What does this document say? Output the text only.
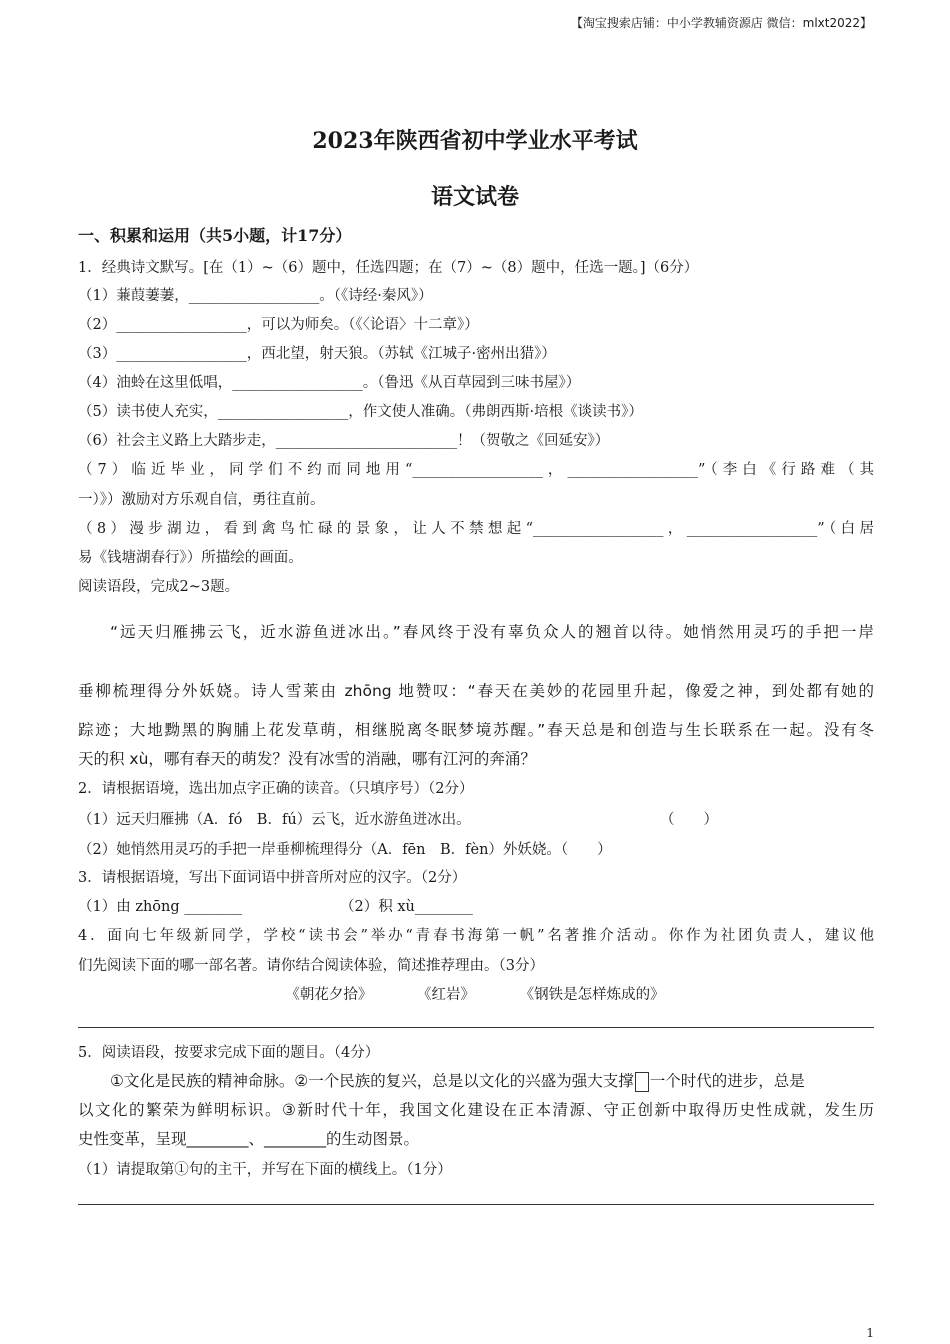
【淘宝搜索店铺：中小学教辅资源店 微信：mlxt2022】
2023年陕西省初中学业水平考试
语文试卷
一、积累和运用（共5小题，计17分）
1．经典诗文默写。[在（1）~（6）题中，任选四题；在（7）~（8）题中，任选一题。]（6分）
（1）蒹葭萋萋，__________________。（《诗经·秦风》）
（2）__________________，可以为师矣。（《〈论语〉十二章》）
（3）__________________，西北望，射天狼。（苏轼《江城子·密州出猎》）
（4）油蛉在这里低唱，__________________。（鲁迅《从百草园到三味书屋》）
（5）读书使人充实，__________________，作文使人准确。（弗朗西斯·培根《谈读书》）
（6）社会主义路上大踏步走，_________________________！（贺敬之《回延安》）
（7）临近毕业，同学们不约而同地用“__________________，__________________”（李白《行路难（其
一）》）激励对方乐观自信，勇往直前。
（8）漫步湖边，看到禽鸟忙碌的景象，让人不禁想起“__________________，__________________”（白居
易《钱塘湖春行》）所描绘的画面。
阅读语段，完成2~3题。
“远天归雁拂云飞，近水游鱼迸冰出。”春风终于没有辜负众人的翘首以待。她悄然用灵巧的手把一岸
垂柳梳理得分外妖娆。诗人雪莱由 zhōng 地赞叹：“春天在美妙的花园里升起，像爱之神，到处都有她的
踪迹；大地黝黑的胸脯上花发草萌，相继脱离冬眠梦境苏醒。”春天总是和创造与生长联系在一起。没有冬
天的积 xù，哪有春天的萌发？没有冰雪的消融，哪有江河的奔涌？
2．请根据语境，选出加点字正确的读音。（只填序号）（2分）
（1）远天归雁拂（A．fó　B．fú）云飞，近水游鱼迸冰出。	（　　）
（2）她悄然用灵巧的手把一岸垂柳梳理得分（A．fēn　B．fèn）外妖娆。（　　）
3．请根据语境，写出下面词语中拼音所对应的汉字。（2分）
（1）由 zhōng ________	（2）积 xù________
4．面向七年级新同学，学校“读书会”举办“青春书海第一帆”名著推介活动。你作为社团负责人，建议他
们先阅读下面的哪一部名著。请你结合阅读体验，简述推荐理由。（3分）
《朝花夕拾》	《红岩》	《钢铁是怎样炼成的》
5．阅读语段，按要求完成下面的题目。（4分）
①文化是民族的精神命脉。②一个民族的复兴，总是以文化的兴盛为强大支撑 一个时代的进步，总是
以文化的繁荣为鲜明标识。③新时代十年，我国文化建设在正本清源、守正创新中取得历史性成就，发生历
史性变革，呈现________、________的生动图景。
（1）请提取第①句的主干，并写在下面的横线上。（1分）
1
